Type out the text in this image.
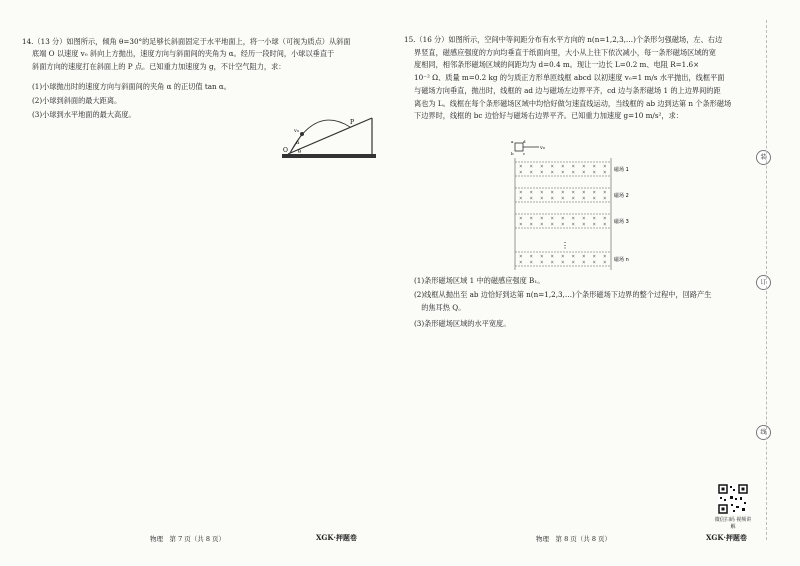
14.（13 分）如图所示，倾角 θ=30°的足够长斜面固定于水平地面上，将一小球（可视为质点）从斜面
底端 O 以速度 v₀ 斜向上方抛出，速度方向与斜面间的夹角为 α。经历一段时间，小球以垂直于
斜面方向的速度打在斜面上的 P 点。已知重力加速度为 g，不计空气阻力，求：
(1)小球抛出时的速度方向与斜面间的夹角 α 的正切值 tan α。
(2)小球到斜面的最大距离。
(3)小球到水平地面的最大高度。
v₀
P
O θ
α
物理　第 7 页（共 8 页）	XGK·押题卷
15.（16 分）如图所示，空间中等间距分布有水平方向的 n(n=1,2,3,…)个条形匀强磁场，左、右边
界竖直，磁感应强度的方向均垂直于纸面向里，大小从上往下依次减小，每一条形磁场区域的宽
度相同，相邻条形磁场区域的间距均为 d=0.4 m。现让一边长 L=0.2 m、电阻 R=1.6×
10⁻² Ω、质量 m=0.2 kg 的匀质正方形单匝线框 abcd 以初速度 v₀=1 m/s 水平抛出，线框平面
与磁场方向垂直，抛出时，线框的 ad 边与磁场左边界平齐，cd 边与条形磁场 1 的上边界间的距
离也为 L。线框在每个条形磁场区域中均恰好做匀速直线运动，当线框的 ab 边到达第 n 个条形磁场
下边界时，线框的 bc 边恰好与磁场右边界平齐。已知重力加速度 g=10 m/s²，求：
v₀
a d
b c
× × × × × × × × ×
× × × × × × × × × 磁场 1
× × × × × × × × ×
× × × × × × × × × 磁场 2
× × × × × × × × ×
× × × × × × × × × 磁场 3
× × × × × × × × ×
× × × × × × × × × 磁场 n
⋮
(1)条形磁场区域 1 中的磁感应强度 B₁。
(2)线框从抛出至 ab 边恰好到达第 n(n=1,2,3,…)个条形磁场下边界的整个过程中，回路产生
　的焦耳热 Q。
(3)条形磁场区域的水平宽度。
装
订
线
微信扫码 视频讲解
物理　第 8 页（共 8 页）	XGK·押题卷
